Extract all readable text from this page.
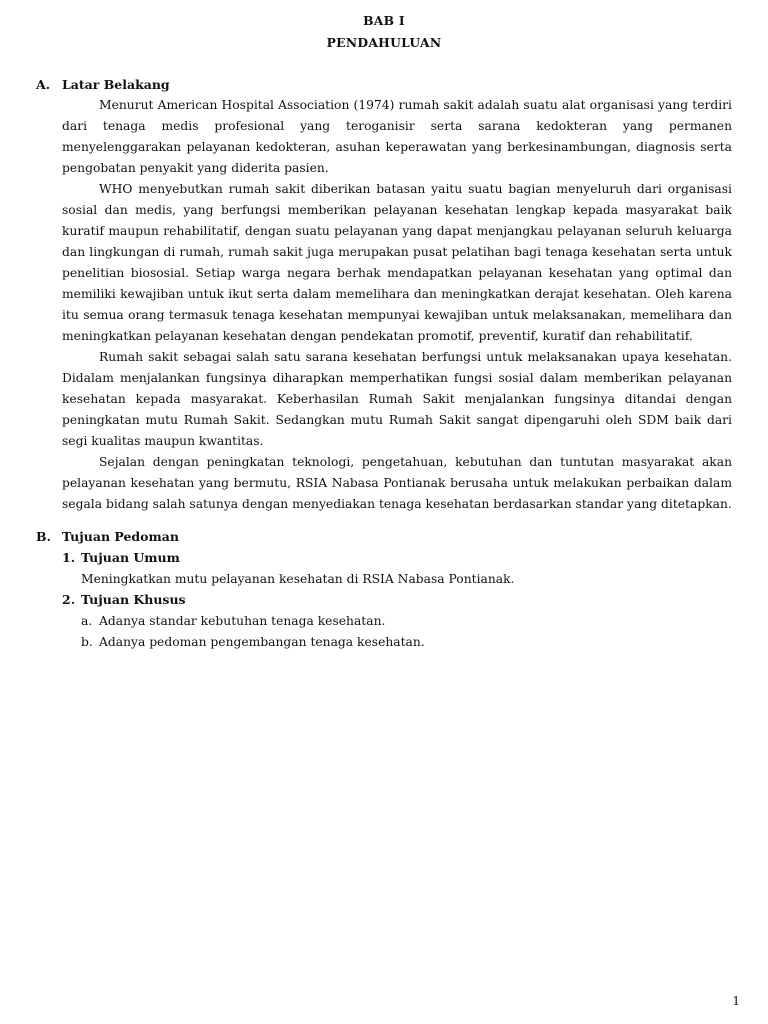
BAB I
PENDAHULUAN
A. Latar Belakang

Menurut American Hospital Association (1974) rumah sakit adalah suatu alat organisasi yang terdiri dari tenaga medis profesional yang teroganisir serta sarana kedokteran yang permanen menyelenggarakan pelayanan kedokteran, asuhan keperawatan yang berkesinambungan, diagnosis serta pengobatan penyakit yang diderita pasien.

WHO menyebutkan rumah sakit diberikan batasan yaitu suatu bagian menyeluruh dari organisasi sosial dan medis, yang berfungsi memberikan pelayanan kesehatan lengkap kepada masyarakat baik kuratif maupun rehabilitatif, dengan suatu pelayanan yang dapat menjangkau pelayanan seluruh keluarga dan lingkungan di rumah, rumah sakit juga merupakan pusat pelatihan bagi tenaga kesehatan serta untuk penelitian biososial. Setiap warga negara berhak mendapatkan pelayanan kesehatan yang optimal dan memiliki kewajiban untuk ikut serta dalam memelihara dan meningkatkan derajat kesehatan. Oleh karena itu semua orang termasuk tenaga kesehatan mempunyai kewajiban untuk melaksanakan, memelihara dan meningkatkan pelayanan kesehatan dengan pendekatan promotif, preventif, kuratif dan rehabilitatif.

Rumah sakit sebagai salah satu sarana kesehatan berfungsi untuk melaksanakan upaya kesehatan. Didalam menjalankan fungsinya diharapkan memperhatikan fungsi sosial dalam memberikan pelayanan kesehatan kepada masyarakat. Keberhasilan Rumah Sakit menjalankan fungsinya ditandai dengan peningkatan mutu Rumah Sakit. Sedangkan mutu Rumah Sakit sangat dipengaruhi oleh SDM baik dari segi kualitas maupun kwantitas.

Sejalan dengan peningkatan teknologi, pengetahuan, kebutuhan dan tuntutan masyarakat akan pelayanan kesehatan yang bermutu, RSIA Nabasa Pontianak berusaha untuk melakukan perbaikan dalam segala bidang salah satunya dengan menyediakan tenaga kesehatan berdasarkan standar yang ditetapkan.

B. Tujuan Pedoman
1. Tujuan Umum
Meningkatkan mutu pelayanan kesehatan di RSIA Nabasa Pontianak.
2. Tujuan Khusus
a. Adanya standar kebutuhan tenaga kesehatan.
b. Adanya pedoman pengembangan tenaga kesehatan.
1
